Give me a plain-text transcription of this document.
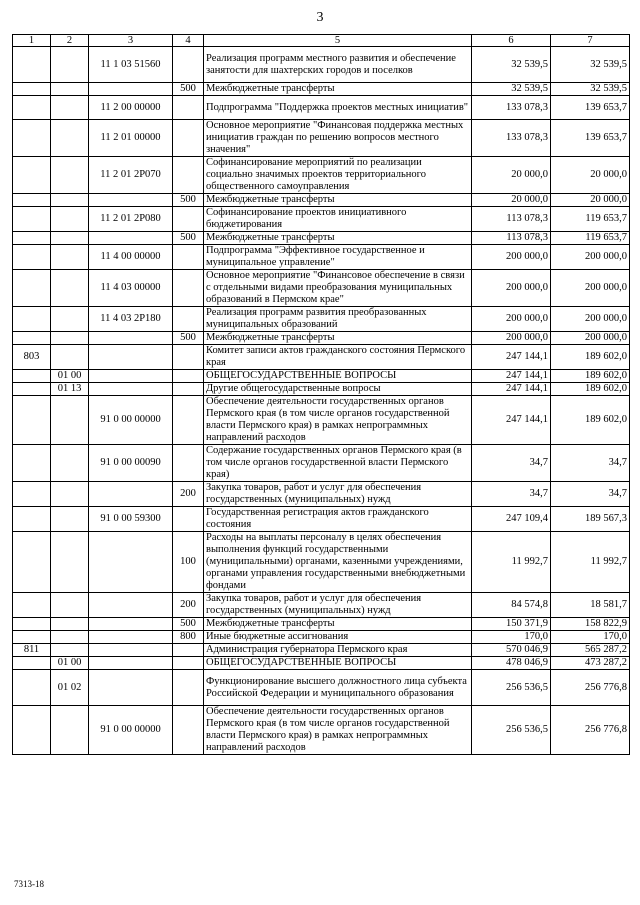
3
1	2	3	4	5	6	7
		11 1 03 51560		Реализация программ местного развития и обеспечение занятости для шахтерских городов и поселков	32 539,5	32 539,5
			500	Межбюджетные трансферты	32 539,5	32 539,5
		11 2 00 00000		Подпрограмма "Поддержка проектов местных инициатив"	133 078,3	139 653,7
		11 2 01 00000		Основное мероприятие "Финансовая поддержка местных инициатив граждан по решению вопросов местного значения"	133 078,3	139 653,7
		11 2 01 2Р070		Софинансирование мероприятий по реализации социально значимых проектов территориального общественного самоуправления	20 000,0	20 000,0
			500	Межбюджетные трансферты	20 000,0	20 000,0
		11 2 01 2Р080		Софинансирование проектов инициативного бюджетирования	113 078,3	119 653,7
			500	Межбюджетные трансферты	113 078,3	119 653,7
		11 4 00 00000		Подпрограмма "Эффективное государственное и муниципальное управление"	200 000,0	200 000,0
		11 4 03 00000		Основное мероприятие "Финансовое обеспечение в связи с отдельными видами преобразования муниципальных образований в Пермском крае"	200 000,0	200 000,0
		11 4 03 2Р180		Реализация программ развития преобразованных муниципальных образований	200 000,0	200 000,0
			500	Межбюджетные трансферты	200 000,0	200 000,0
803				Комитет записи актов гражданского состояния Пермского края	247 144,1	189 602,0
	01 00			ОБЩЕГОСУДАРСТВЕННЫЕ ВОПРОСЫ	247 144,1	189 602,0
	01 13			Другие общегосударственные вопросы	247 144,1	189 602,0
		91 0 00 00000		Обеспечение деятельности государственных органов Пермского края (в том числе органов государственной власти Пермского края) в рамках непрограммных направлений расходов	247 144,1	189 602,0
		91 0 00 00090		Содержание государственных органов Пермского края (в том числе органов государственной власти Пермского края)	34,7	34,7
			200	Закупка товаров, работ и услуг для обеспечения государственных (муниципальных) нужд	34,7	34,7
		91 0 00 59300		Государственная регистрация актов гражданского состояния	247 109,4	189 567,3
			100	Расходы на выплаты персоналу в целях обеспечения выполнения функций государственными (муниципальными) органами, казенными учреждениями, органами управления государственными внебюджетными фондами	11 992,7	11 992,7
			200	Закупка товаров, работ и услуг для обеспечения государственных (муниципальных) нужд	84 574,8	18 581,7
			500	Межбюджетные трансферты	150 371,9	158 822,9
			800	Иные бюджетные ассигнования	170,0	170,0
811				Администрация губернатора Пермского края	570 046,9	565 287,2
	01 00			ОБЩЕГОСУДАРСТВЕННЫЕ ВОПРОСЫ	478 046,9	473 287,2
	01 02			Функционирование высшего должностного лица субъекта Российской Федерации и муниципального образования	256 536,5	256 776,8
		91 0 00 00000		Обеспечение деятельности государственных органов Пермского края (в том числе органов государственной власти Пермского края) в рамках непрограммных направлений расходов	256 536,5	256 776,8
7313-18
